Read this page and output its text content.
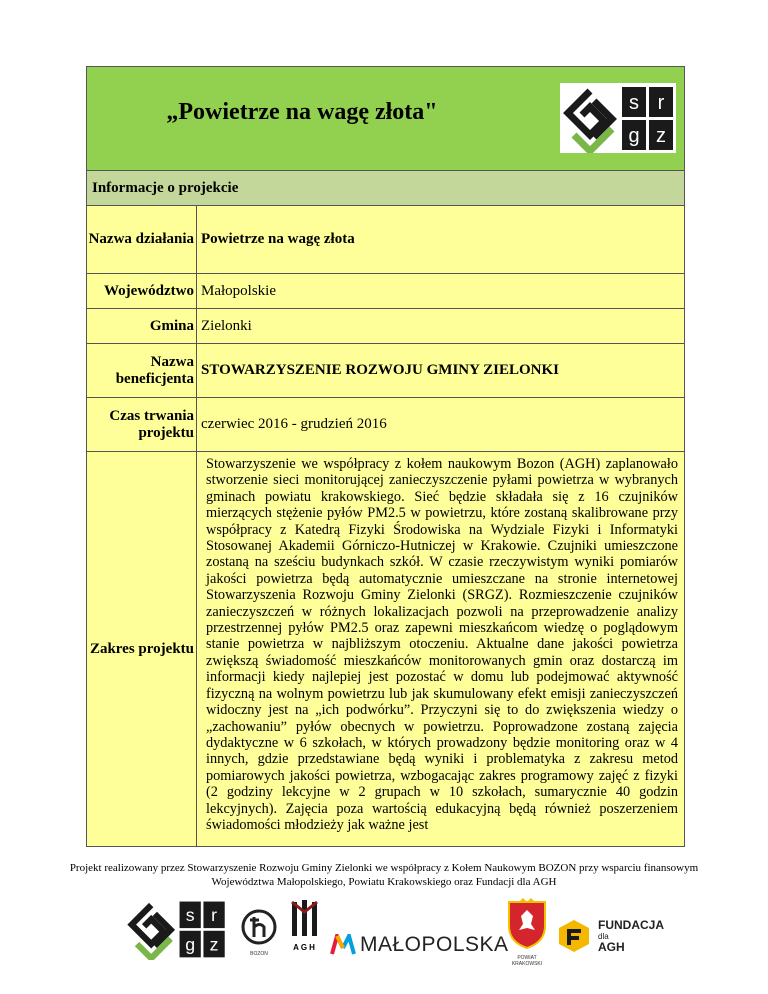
„Powietrze na wagę złota" s r
g z	

Informacje o projekcie	
Nazwa działania	Powietrze na wagę złota
Województwo	Małopolskie
Gmina	Zielonki
Nazwa beneficjenta	STOWARZYSZENIE ROZWOJU GMINY ZIELONKI
Czas trwania projektu	czerwiec 2016 - grudzień 2016
Zakres projektu	Stowarzyszenie we współpracy z kołem naukowym Bozon (AGH) zaplanowało stworzenie sieci monitorującej zanieczyszczenie pyłami powietrza w wybranych gminach powiatu krakowskiego. Sieć będzie składała się z 16 czujników mierzących stężenie pyłów PM2.5 w powietrzu, które zostaną skalibrowane przy współpracy z Katedrą Fizyki Środowiska na Wydziale Fizyki i Informatyki Stosowanej Akademii Górniczo-Hutniczej w Krakowie. Czujniki umieszczone zostaną na sześciu budynkach szkół. W czasie rzeczywistym wyniki pomiarów jakości powietrza będą automatycznie umieszczane na stronie internetowej Stowarzyszenia Rozwoju Gminy Zielonki (SRGZ). Rozmieszczenie czujników zanieczyszczeń w różnych lokalizacjach pozwoli na przeprowadzenie analizy przestrzennej pyłów PM2.5 oraz zapewni mieszkańcom wiedzę o poglądowym stanie powietrza w najbliższym otoczeniu. Aktualne dane jakości powietrza zwiększą świadomość mieszkańców monitorowanych gmin oraz dostarczą im informacji kiedy najlepiej jest pozostać w domu lub podejmować aktywność fizyczną na wolnym powietrzu lub jak skumulowany efekt emisji zanieczyszczeń widoczny jest na „ich podwórku”. Przyczyni się to do zwiększenia wiedzy o „zachowaniu” pyłów obecnych w powietrzu. Poprowadzone zostaną zajęcia dydaktyczne w 6 szkołach, w których prowadzony będzie monitoring oraz w 4 innych, gdzie przedstawiane będą wyniki i problematyka z zakresu metod pomiarowych jakości powietrza, wzbogacając zakres programowy zajęć z fizyki (2 godziny lekcyjne w 2 grupach w 10 szkołach, sumarycznie 40 godzin lekcyjnych). Zajęcia poza wartością edukacyjną będą również poszerzeniem świadomości młodzieży jak ważne jest
Projekt realizowany przez Stowarzyszenie Rozwoju Gminy Zielonki we współpracy z Kołem Naukowym BOZON przy wsparciu finansowym Województwa Małopolskiego, Powiatu Krakowskiego oraz Fundacji dla AGH
s r
g z	BOZON
AGH MAŁOPOLSKA
POWIAT KRAKOWSKI
FUNDACJA
dla
AGH
